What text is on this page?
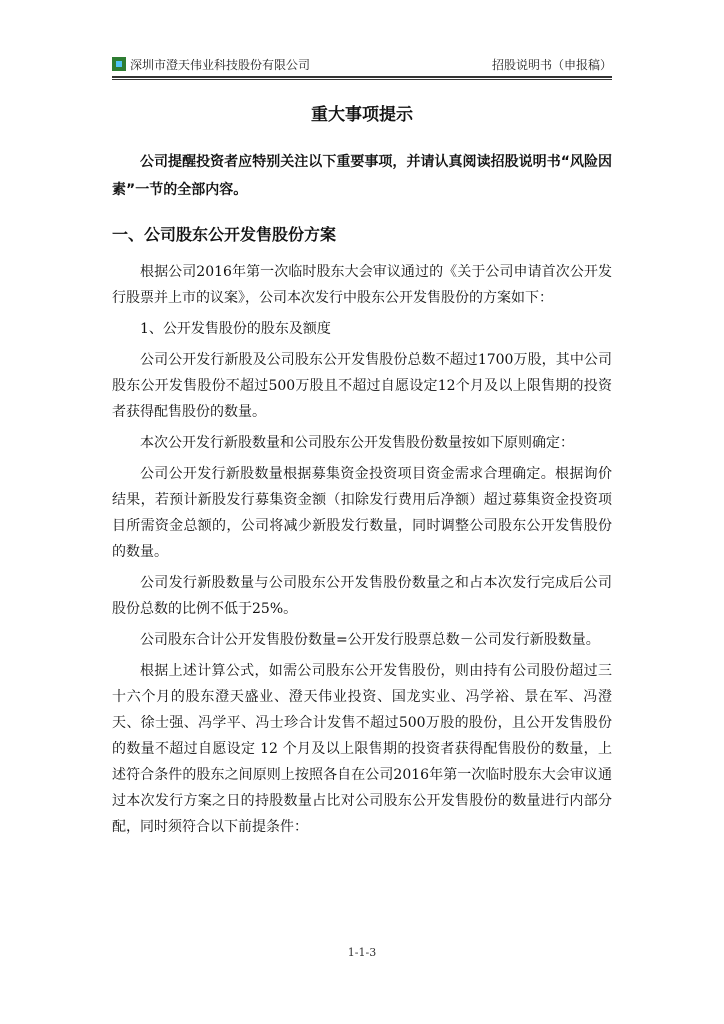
深圳市澄天伟业科技股份有限公司	招股说明书（申报稿）
重大事项提示

公司提醒投资者应特别关注以下重要事项，并请认真阅读招股说明书“风险因素”一节的全部内容。

一、公司股东公开发售股份方案

根据公司2016年第一次临时股东大会审议通过的《关于公司申请首次公开发行股票并上市的议案》，公司本次发行中股东公开发售股份的方案如下：

1、公开发售股份的股东及额度

公司公开发行新股及公司股东公开发售股份总数不超过1700万股，其中公司股东公开发售股份不超过500万股且不超过自愿设定12个月及以上限售期的投资者获得配售股份的数量。

本次公开发行新股数量和公司股东公开发售股份数量按如下原则确定：

公司公开发行新股数量根据募集资金投资项目资金需求合理确定。根据询价结果，若预计新股发行募集资金额（扣除发行费用后净额）超过募集资金投资项目所需资金总额的，公司将减少新股发行数量，同时调整公司股东公开发售股份的数量。

公司发行新股数量与公司股东公开发售股份数量之和占本次发行完成后公司股份总数的比例不低于25%。

公司股东合计公开发售股份数量=公开发行股票总数－公司发行新股数量。

根据上述计算公式，如需公司股东公开发售股份，则由持有公司股份超过三十六个月的股东澄天盛业、澄天伟业投资、国龙实业、冯学裕、景在军、冯澄天、徐士强、冯学平、冯士珍合计发售不超过500万股的股份，且公开发售股份的数量不超过自愿设定 12 个月及以上限售期的投资者获得配售股份的数量，上述符合条件的股东之间原则上按照各自在公司2016年第一次临时股东大会审议通过本次发行方案之日的持股数量占比对公司股东公开发售股份的数量进行内部分配，同时须符合以下前提条件：

1-1-3
